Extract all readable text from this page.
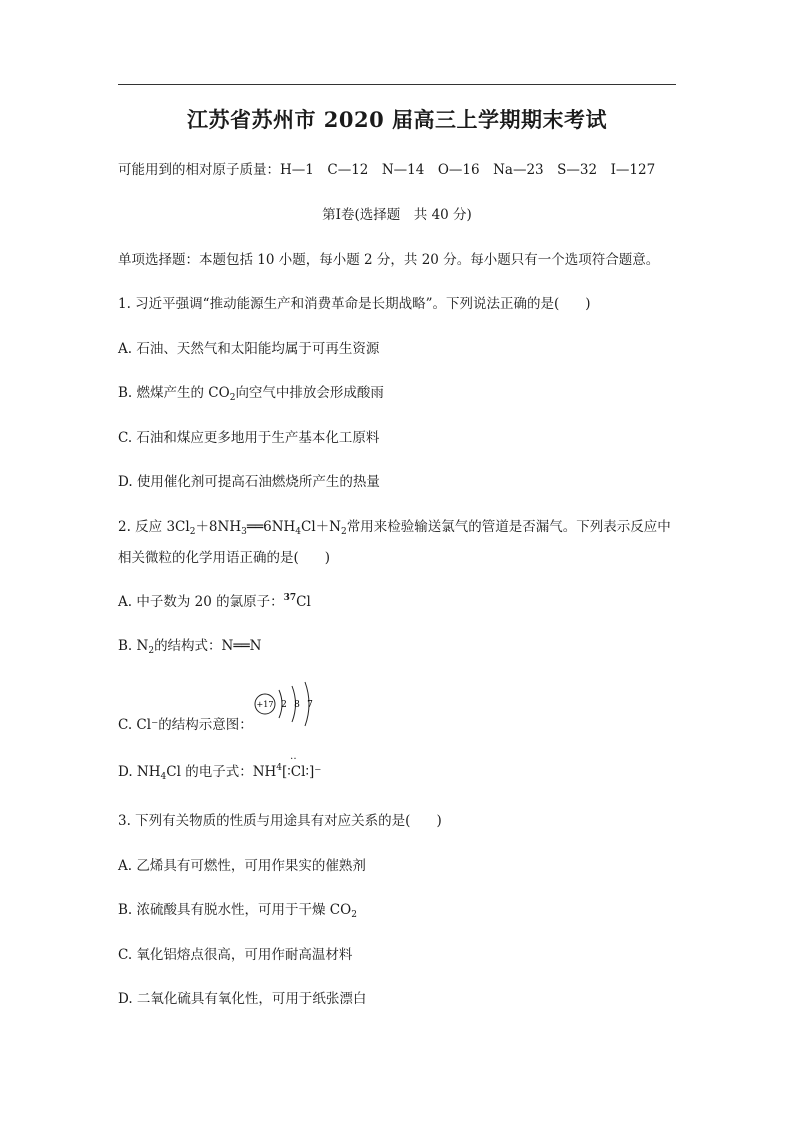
江苏省苏州市 2020 届高三上学期期末考试
可能用到的相对原子质量：H—1　C—12　N—14　O—16　Na—23　S—32　I—127
第Ⅰ卷(选择题　共 40 分)
单项选择题：本题包括 10 小题，每小题 2 分，共 20 分。每小题只有一个选项符合题意。
1. 习近平强调“推动能源生产和消费革命是长期战略”。下列说法正确的是( )
A. 石油、天然气和太阳能均属于可再生资源
B. 燃煤产生的 $CO_2$向空气中排放会形成酸雨
C. 石油和煤应更多地用于生产基本化工原料
D. 使用催化剂可提高石油燃烧所产生的热量
2. 反应 $3Cl_2+8NH_3══6NH_4Cl+N_2$常用来检验输送氯气的管道是否漏气。下列表示反应中
相关微粒的化学用语正确的是( )
A. 中子数为 20 的氯原子：$^{37}$Cl
B. $N_2$的结构式：N══N
+17 2 8 7
C. Cl⁻的结构示意图：
‥
D. $NH_4Cl$ 的电子式：$NH^4[∶Cl∶]^-$
3. 下列有关物质的性质与用途具有对应关系的是( )
A. 乙烯具有可燃性，可用作果实的催熟剂
B. 浓硫酸具有脱水性，可用于干燥 $CO_2$
C. 氧化铝熔点很高，可用作耐高温材料
D. 二氧化硫具有氧化性，可用于纸张漂白
